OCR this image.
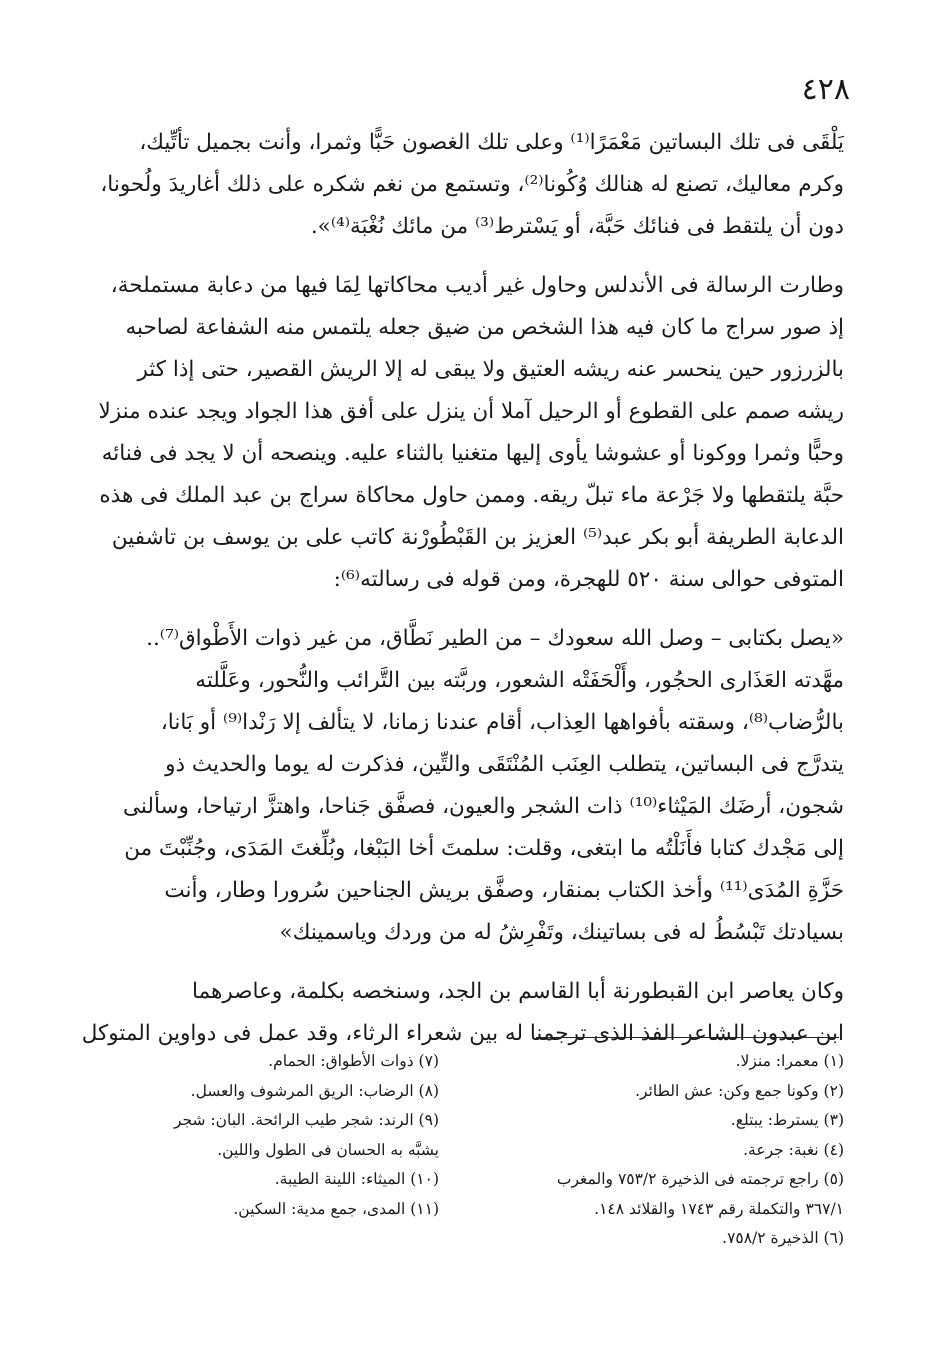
٤٢٨
يَلْقَى فى تلك البساتين مَعْمَرًا⁽¹⁾ وعلى تلك الغصون حَبًّا وثمرا، وأنت بجميل تأتِّيك،
وكرم معاليك، تصنع له هنالك وُكُونا⁽²⁾، وتستمع من نغم شكره على ذلك أغاريدَ ولُحونا،
دون أن يلتقط فى فنائك حَبَّة، أو يَسْترط⁽³⁾ من مائك نُغْبَة⁽⁴⁾».
وطارت الرسالة فى الأندلس وحاول غير أديب محاكاتها لِمَا فيها من دعابة مستملحة،
إذ صور سراج ما كان فيه هذا الشخص من ضيق جعله يلتمس منه الشفاعة لصاحبه
بالزرزور حين ينحسر عنه ريشه العتيق ولا يبقى له إلا الريش القصير، حتى إذا كثر
ريشه صمم على القطوع أو الرحيل آملا أن ينزل على أفق هذا الجواد ويجد عنده منزلا
وحبًّا وثمرا ووكونا أو عشوشا يأوى إليها متغنيا بالثناء عليه. وينصحه أن لا يجد فى فنائه
حبَّة يلتقطها ولا جَرْعة ماء تبلّ ريقه. وممن حاول محاكاة سراج بن عبد الملك فى هذه
الدعابة الطريفة أبو بكر عبد⁽⁵⁾ العزيز بن القَبْطُورْنة كاتب على بن يوسف بن تاشفين
المتوفى حوالى سنة ٥٢٠ للهجرة، ومن قوله فى رسالته⁽⁶⁾:
«يصل بكتابى – وصل الله سعودك – من الطير نَطَّاق، من غير ذوات الأَطْواق⁽⁷⁾..
مهَّدته العَذَارى الحجُور، وأَلْحَفَتْه الشعور، وربَّته بين التَّرائب والنُّحور، وعَلَّلته
بالرُّضاب⁽⁸⁾، وسقته بأفواهها العِذاب، أقام عندنا زمانا، لا يتألف إلا رَنْدا⁽⁹⁾ أو بَانا،
يتدرَّج فى البساتين، يتطلب العِنَب المُنْتَقَى والتِّين، فذكرت له يوما والحديث ذو
شجون، أرضَك المَيْثاء⁽¹⁰⁾ ذات الشجر والعيون، فصفَّق جَناحا، واهتزَّ ارتياحا، وسألنى
إلى مَجْدك كتابا فأَنَلْتُه ما ابتغى، وقلت: سلمتَ أخا البَبْغا، وبُلِّغتَ المَدَى، وجُنِّبْتَ من
حَزَّةِ المُدَى⁽¹¹⁾ وأخذ الكتاب بمنقار، وصفَّق بريش الجناحين سُرورا وطار، وأنت
بسيادتك تَبْسُطُ له فى بساتينك، وتَفْرِشُ له من وردك وياسمينك»
وكان يعاصر ابن القبطورنة أبا القاسم بن الجد، وسنخصه بكلمة، وعاصرهما
ابن عبدون الشاعر الفذ الذى ترجمنا له بين شعراء الرثاء، وقد عمل فى دواوين المتوكل
(١) معمرا: منزلا.
(٢) وكونا جمع وكن: عش الطائر.
(٣) يسترط: يبتلع.
(٤) نغبة: جرعة.
(٥) راجع ترجمته فى الذخيرة ٧٥٣/٢ والمغرب
٣٦٧/١ والتكملة رقم ١٧٤٣ والقلائد ١٤٨.
(٦) الذخيرة ٧٥٨/٢.
(٧) ذوات الأطواق: الحمام.
(٨) الرضاب: الريق المرشوف والعسل.
(٩) الرند: شجر طيب الرائحة. البان: شجر
يشبَّه به الحسان فى الطول واللين.
(١٠) الميثاء: اللينة الطيبة.
(١١) المدى، جمع مدية: السكين.
